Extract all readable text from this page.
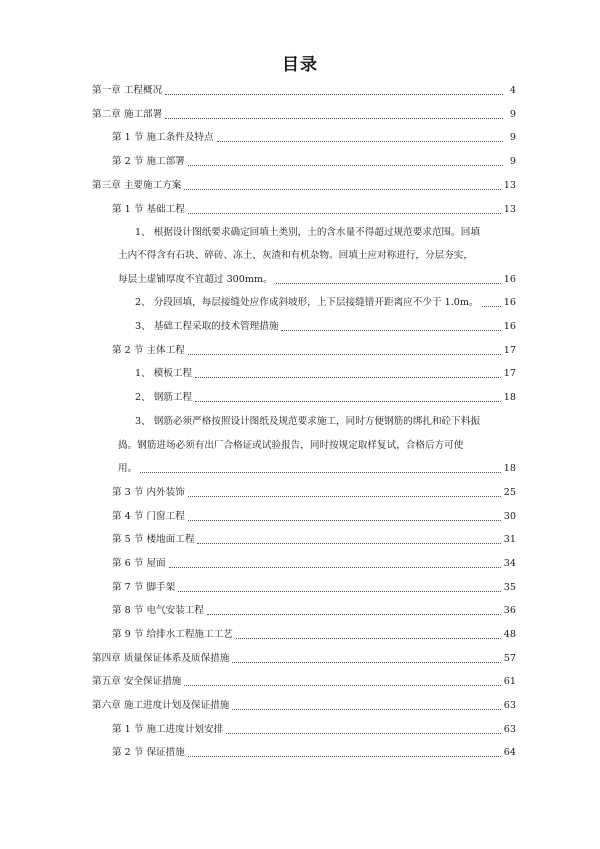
目录
第一章 工程概况	4
第二章 施工部署	9
第 1 节 施工条件及特点	9
第 2 节 施工部署	9
第三章 主要施工方案	13
第 1 节 基础工程	13
1、 根据设计图纸要求确定回填土类别，土的含水量不得超过规范要求范围。回填
土内不得含有石块、碎砖、冻土、灰渣和有机杂物。回填土应对称进行，分层夯实，
每层土虚铺厚度不宜超过 300mm。	16
2、 分段回填，每层接缝处应作成斜坡形，上下层接缝错开距离应不少于 1.0m。	16
3、 基础工程采取的技术管理措施	16
第 2 节 主体工程	17
1、 模板工程	17
2、 钢筋工程	18
3、 钢筋必须严格按照设计图纸及规范要求施工，同时方便钢筋的绑扎和砼下料振
捣。钢筋进场必须有出厂合格证或试验报告，同时按规定取样复试，合格后方可使
用。	18
第 3 节 内外装饰	25
第 4 节 门窗工程	30
第 5 节 楼地面工程	31
第 6 节 屋面	34
第 7 节 脚手架	35
第 8 节 电气安装工程	36
第 9 节 给排水工程施工工艺	48
第四章 质量保证体系及质保措施	57
第五章 安全保证措施	61
第六章 施工进度计划及保证措施	63
第 1 节 施工进度计划安排	63
第 2 节 保证措施	64
